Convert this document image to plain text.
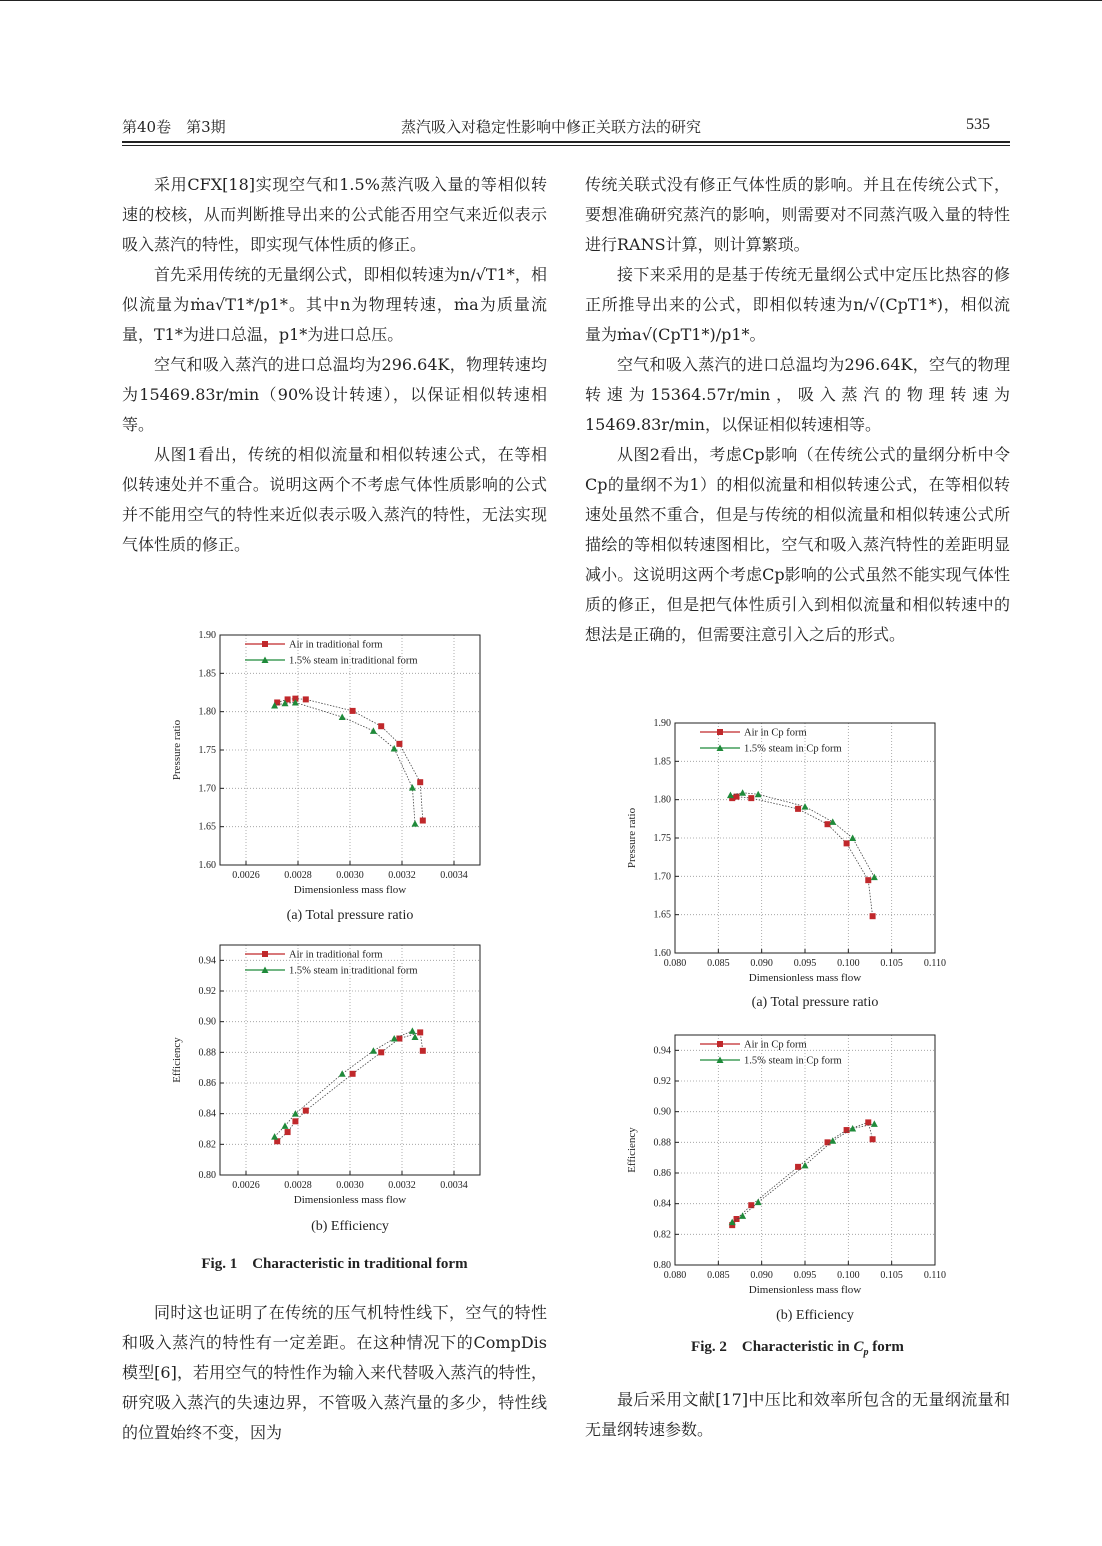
第40卷　第3期	蒸汽吸入对稳定性影响中修正关联方法的研究	535

采用CFX[18]实现空气和1.5%蒸汽吸入量的等相似转速的校核，从而判断推导出来的公式能否用空气来近似表示吸入蒸汽的特性，即实现气体性质的修正。

首先采用传统的无量纲公式，即相似转速为n/√T1*，相似流量为ṁa√T1*/p1*。其中n为物理转速，ṁa为质量流量，T1*为进口总温，p1*为进口总压。

空气和吸入蒸汽的进口总温均为296.64K，物理转速均为15469.83r/min（90%设计转速），以保证相似转速相等。

从图1看出，传统的相似流量和相似转速公式，在等相似转速处并不重合。说明这两个不考虑气体性质影响的公式并不能用空气的特性来近似表示吸入蒸汽的特性，无法实现气体性质的修正。

传统关联式没有修正气体性质的影响。并且在传统公式下，要想准确研究蒸汽的影响，则需要对不同蒸汽吸入量的特性进行RANS计算，则计算繁琐。

接下来采用的是基于传统无量纲公式中定压比热容的修正所推导出来的公式，即相似转速为n/√(CpT1*)，相似流量为ṁa√(CpT1*)/p1*。

空气和吸入蒸汽的进口总温均为296.64K，空气的物理转速为15364.57r/min，吸入蒸汽的物理转速为15469.83r/min，以保证相似转速相等。

从图2看出，考虑Cp影响（在传统公式的量纲分析中令Cp的量纲不为1）的相似流量和相似转速公式，在等相似转速处虽然不重合，但是与传统的相似流量和相似转速公式所描绘的等相似转速图相比，空气和吸入蒸汽特性的差距明显减小。这说明这两个考虑Cp影响的公式虽然不能实现气体性质的修正，但是把气体性质引入到相似流量和相似转速中的想法是正确的，但需要注意引入之后的形式。

0.0026 0.0028 0.0030 0.0032 0.0034
1.60
1.65
1.70
1.75
1.80
1.85
1.90
Dimensionless mass flow
Pressure ratio
Air in traditional form
1.5% steam in traditional form
(a) Total pressure ratio
0.0026 0.0028 0.0030 0.0032 0.0034
0.80
0.82
0.84
0.86
0.88
0.90
0.92
0.94
Dimensionless mass flow
Efficiency
Air in traditional form
1.5% steam in traditional form
(b) Efficiency
Fig. 1　Characteristic in traditional form

同时这也证明了在传统的压气机特性线下，空气的特性和吸入蒸汽的特性有一定差距。在这种情况下的CompDis模型[6]，若用空气的特性作为输入来代替吸入蒸汽的特性，研究吸入蒸汽的失速边界，不管吸入蒸汽量的多少，特性线的位置始终不变，因为

0.080 0.085 0.090 0.095 0.100 0.105 0.110
1.60
1.65
1.70
1.75
1.80
1.85
1.90
Dimensionless mass flow
Pressure ratio
Air in Cp form
1.5% steam in Cp form
(a) Total pressure ratio
0.080 0.085 0.090 0.095 0.100 0.105 0.110
0.80
0.82
0.84
0.86
0.88
0.90
0.92
0.94
Dimensionless mass flow
Efficiency
Air in Cp form
1.5% steam in Cp form
(b) Efficiency
Fig. 2　Characteristic in $C_p$ form

最后采用文献[17]中压比和效率所包含的无量纲流量和无量纲转速参数。
